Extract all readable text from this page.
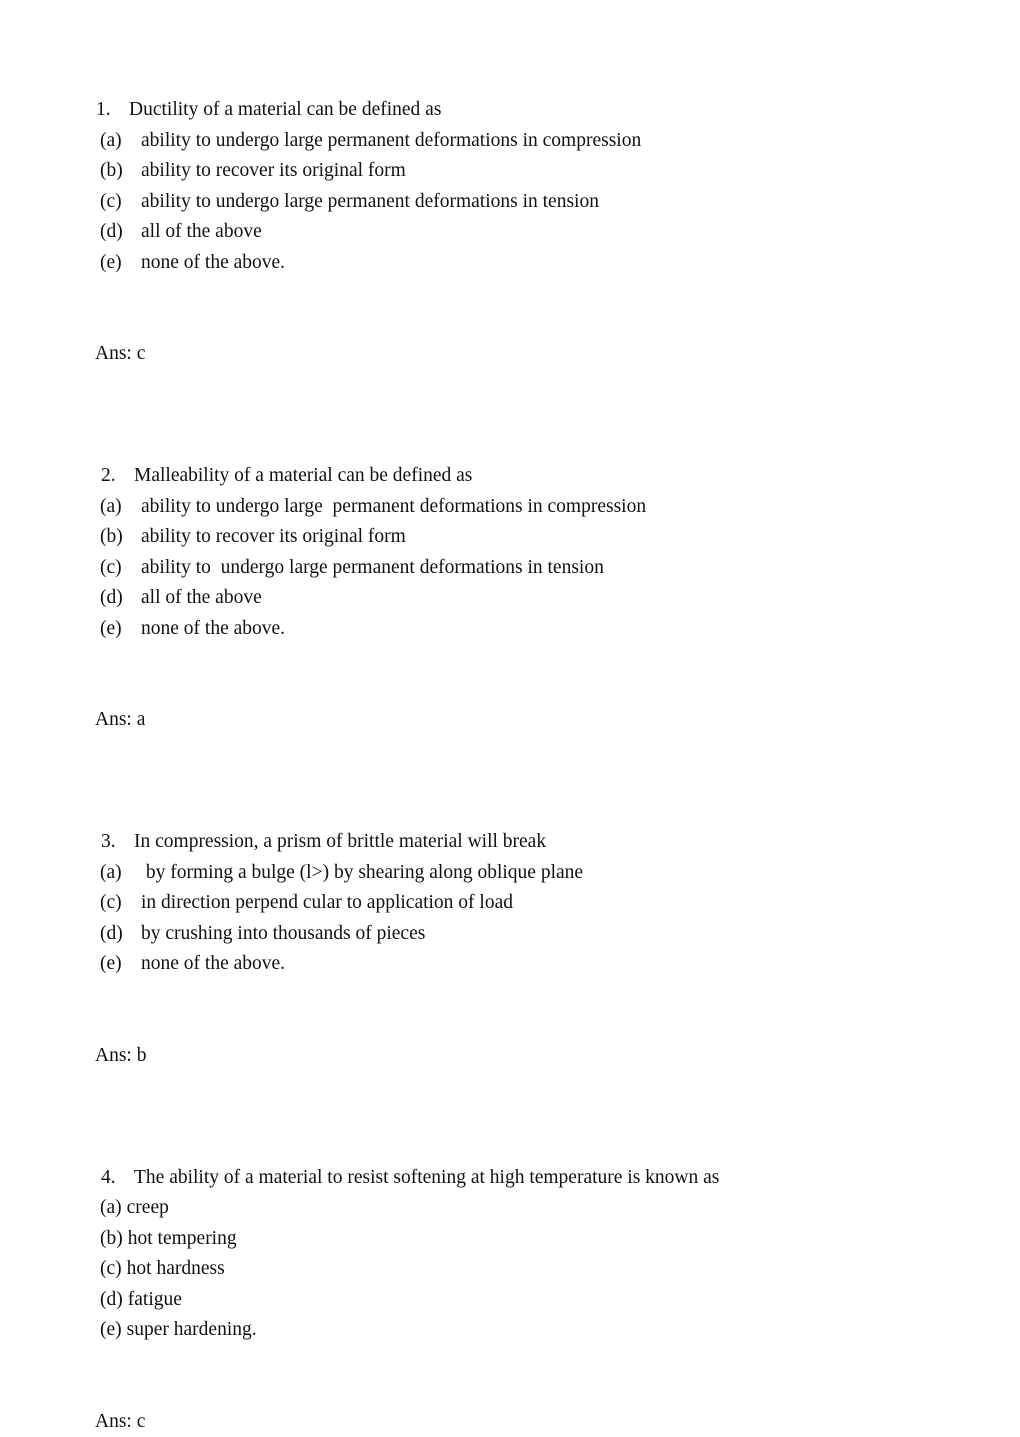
1. Ductility of a material can be defined as
(a) ability to undergo large permanent deformations in compression
(b) ability to recover its original form
(c) ability to undergo large permanent deformations in tension
(d) all of the above
(e) none of the above.
Ans: c
2. Malleability of a material can be defined as
(a) ability to undergo large  permanent deformations in compression
(b) ability to recover its original form
(c) ability to  undergo large permanent deformations in tension
(d) all of the above
(e) none of the above.
Ans: a
3. In compression, a prism of brittle material will break
(a) by forming a bulge (l>) by shearing along oblique plane
(c) in direction perpend cular to application of load
(d) by crushing into thousands of pieces
(e) none of the above.
Ans: b
4. The ability of a material to resist softening at high temperature is known as
(a) creep
(b) hot tempering
(c) hot hardness
(d) fatigue
(e) super hardening.
Ans: c
